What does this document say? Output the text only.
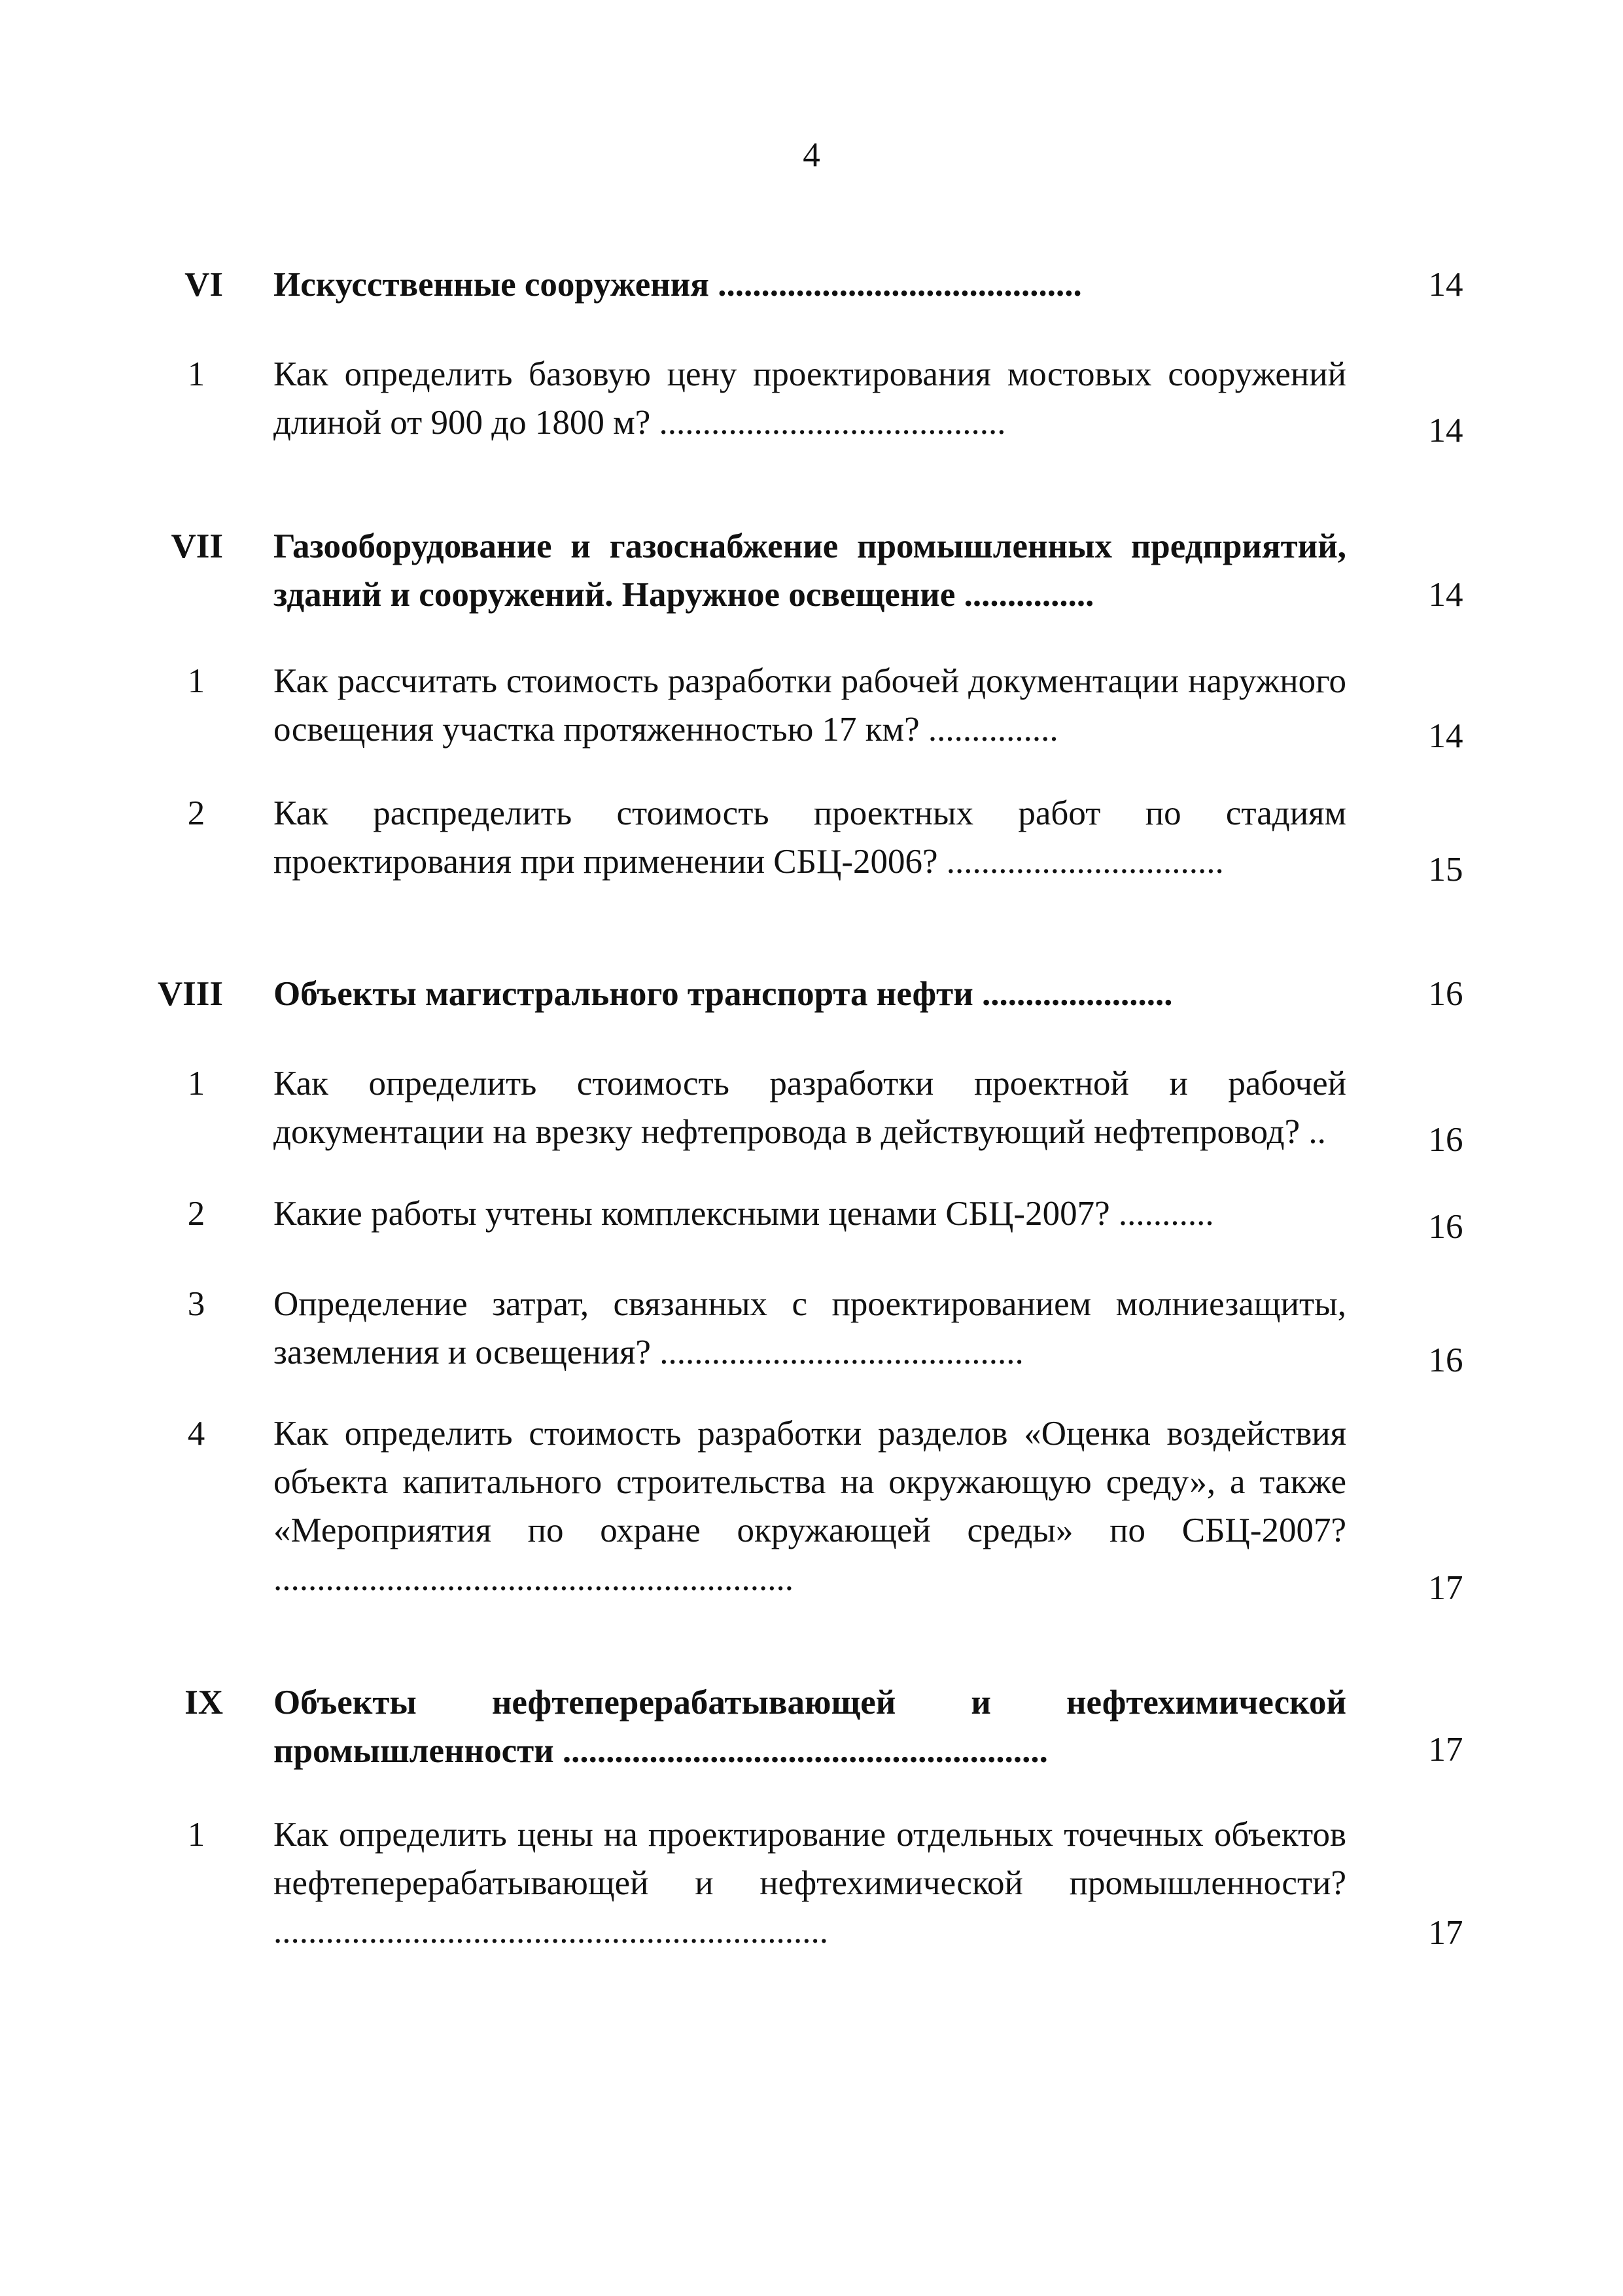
4
VI Искусственные сооружения ..........................................	14
1	Как определить базовую цену проектирования мостовых сооружений длиной от 900 до 1800 м? ........................................	14
VII Газооборудование и газоснабжение промышленных предприятий, зданий и сооружений. Наружное освещение ...............	14
1	Как рассчитать стоимость разработки рабочей документации наружного освещения участка протяженностью 17 км? ...............	14
2	Как распределить стоимость проектных работ по стадиям проектирования при применении СБЦ-2006? ................................	15
VIII Объекты магистрального транспорта нефти ......................	16
1	Как определить стоимость разработки проектной и рабочей документации на врезку нефтепровода в действующий нефтепровод? ..	16
2	Какие работы учтены комплексными ценами СБЦ-2007? ...........	16
3	Определение затрат, связанных с проектированием молниезащиты, заземления и освещения? ..........................................	16
4	Как определить стоимость разработки разделов «Оценка воздействия объекта капитального строительства на окружающую среду», а также «Мероприятия по охране окружающей среды» по СБЦ-2007? ............................................................	17
IX Объекты нефтеперерабатывающей и нефтехимической промышленности ........................................................	17
1	Как определить цены на проектирование отдельных точечных объектов нефтеперерабатывающей и нефтехимической промышленности? ................................................................	17
